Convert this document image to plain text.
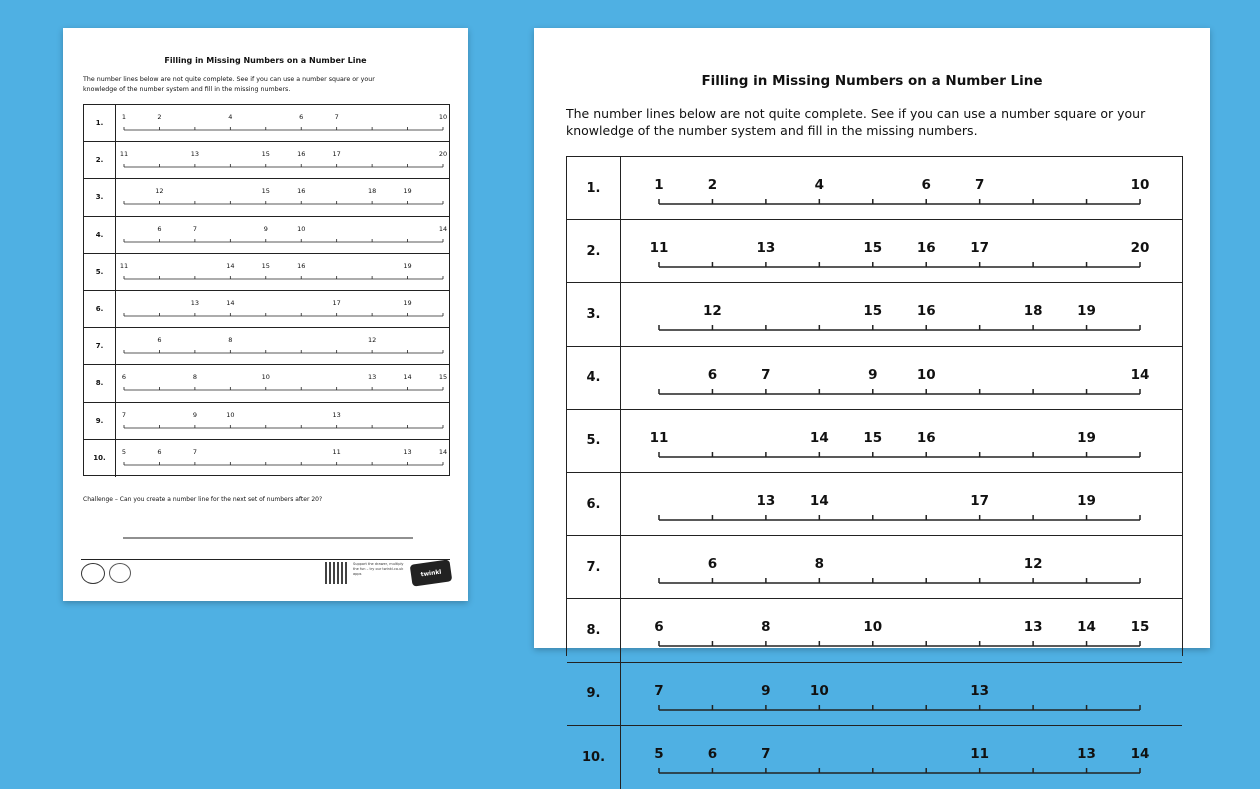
Filling in Missing Numbers on a Number Line
The number lines below are not quite complete. See if you can use a number square or your
knowledge of the number system and fill in the missing numbers.
1.
1	2	4	6	7	10
2.
11	13	15	16	17	20
3.
12	15	16	18	19
4.
6	7	9	10	14
5.
11	14	15	16	19
6.
13	14	17	19
7.
6	8	12
8.
6	8	10	13	14	15
9.
7	9	10	13
10.
5	6	7	11	13	14
Challenge – Can you create a number line for the next set of numbers after 20?
Support the drawer, multiply the fun – try our twinkl.co.uk apps	twinkl
Filling in Missing Numbers on a Number Line
The number lines below are not quite complete. See if you can use a number square or your
knowledge of the number system and fill in the missing numbers.
1.	1	2	4	6	7	10
2.	11	13	15	16	17	20
3.	12	15	16	18	19
4.	6	7	9	10	14
5.	11	14	15	16	19
6.	13	14	17	19
7.	6	8	12
8.	6	8	10	13	14	15
9.	7	9	10	13
10.	5	6	7	11	13	14
